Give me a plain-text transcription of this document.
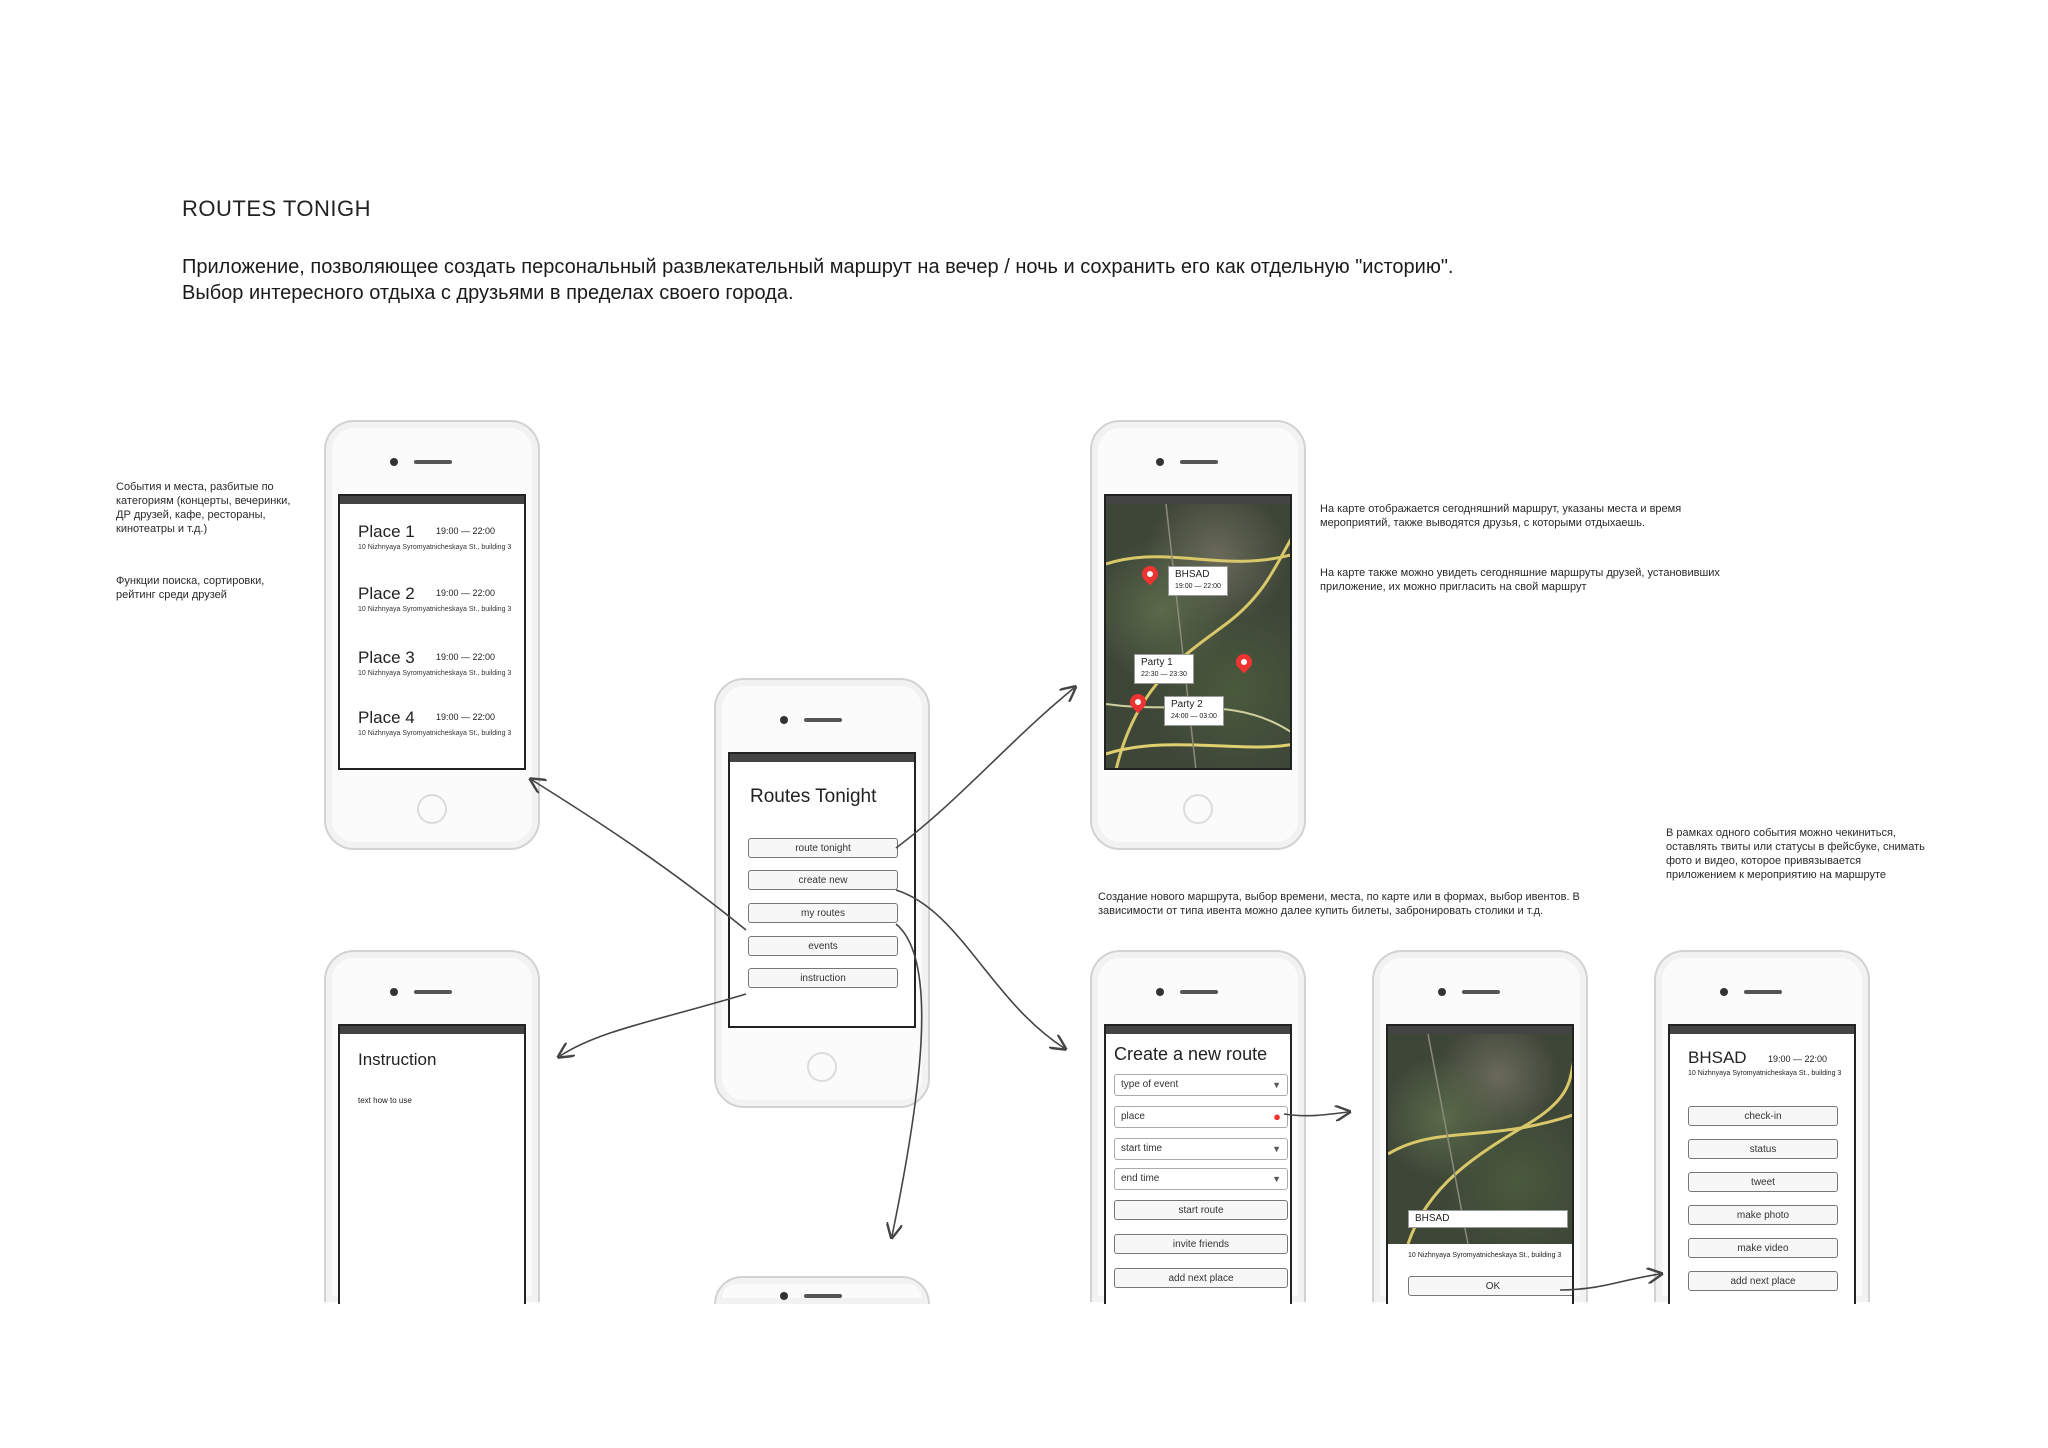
ROUTES TONIGH
Приложение, позволяющее создать персональный развлекательный маршрут на вечер / ночь и сохранить его как отдельную "историю".
Выбор интересного отдыха с друзьями в пределах своего города.
События и места, разбитые по категориям (концерты, вечеринки, ДР друзей, кафе, рестораны, кинотеатры и т.д.)
Функции поиска, сортировки, рейтинг среди друзей
На карте отображается сегодняшний маршрут, указаны места и время мероприятий, также выводятся друзья, с которыми отдыхаешь.
На карте также можно увидеть сегодняшние маршруты друзей, установивших приложение, их можно пригласить на свой маршрут
Создание нового маршрута, выбор времени, места, по карте или в формах, выбор ивентов. В зависимости от типа ивента можно далее купить билеты, забронировать столики и т.д.
В рамках одного события можно чекиниться, оставлять твиты или статусы в фейсбуке, снимать фото и видео, которое привязывается приложением к мероприятию на маршруте
Place 1	19:00 — 22:00
10 Nizhnyaya Syromyatnicheskaya St., building 3
Place 2	19:00 — 22:00
10 Nizhnyaya Syromyatnicheskaya St., building 3
Place 3	19:00 — 22:00
10 Nizhnyaya Syromyatnicheskaya St., building 3
Place 4	19:00 — 22:00
10 Nizhnyaya Syromyatnicheskaya St., building 3
Routes Tonight
route tonight
create new
my routes
events
instruction
BHSAD
19:00 — 22:00
Party 1
22:30 — 23:30
Party 2
24:00 — 03:00
Instruction
text how to use
Create a new route
type of event	▼
place	●
start time	▼
end time	▼
start route
invite friends
add next place
BHSAD
10 Nizhnyaya Syromyatnicheskaya St., building 3
OK
BHSAD 19:00 — 22:00
10 Nizhnyaya Syromyatnicheskaya St., building 3
check-in
status
tweet
make photo
make video
add next place
